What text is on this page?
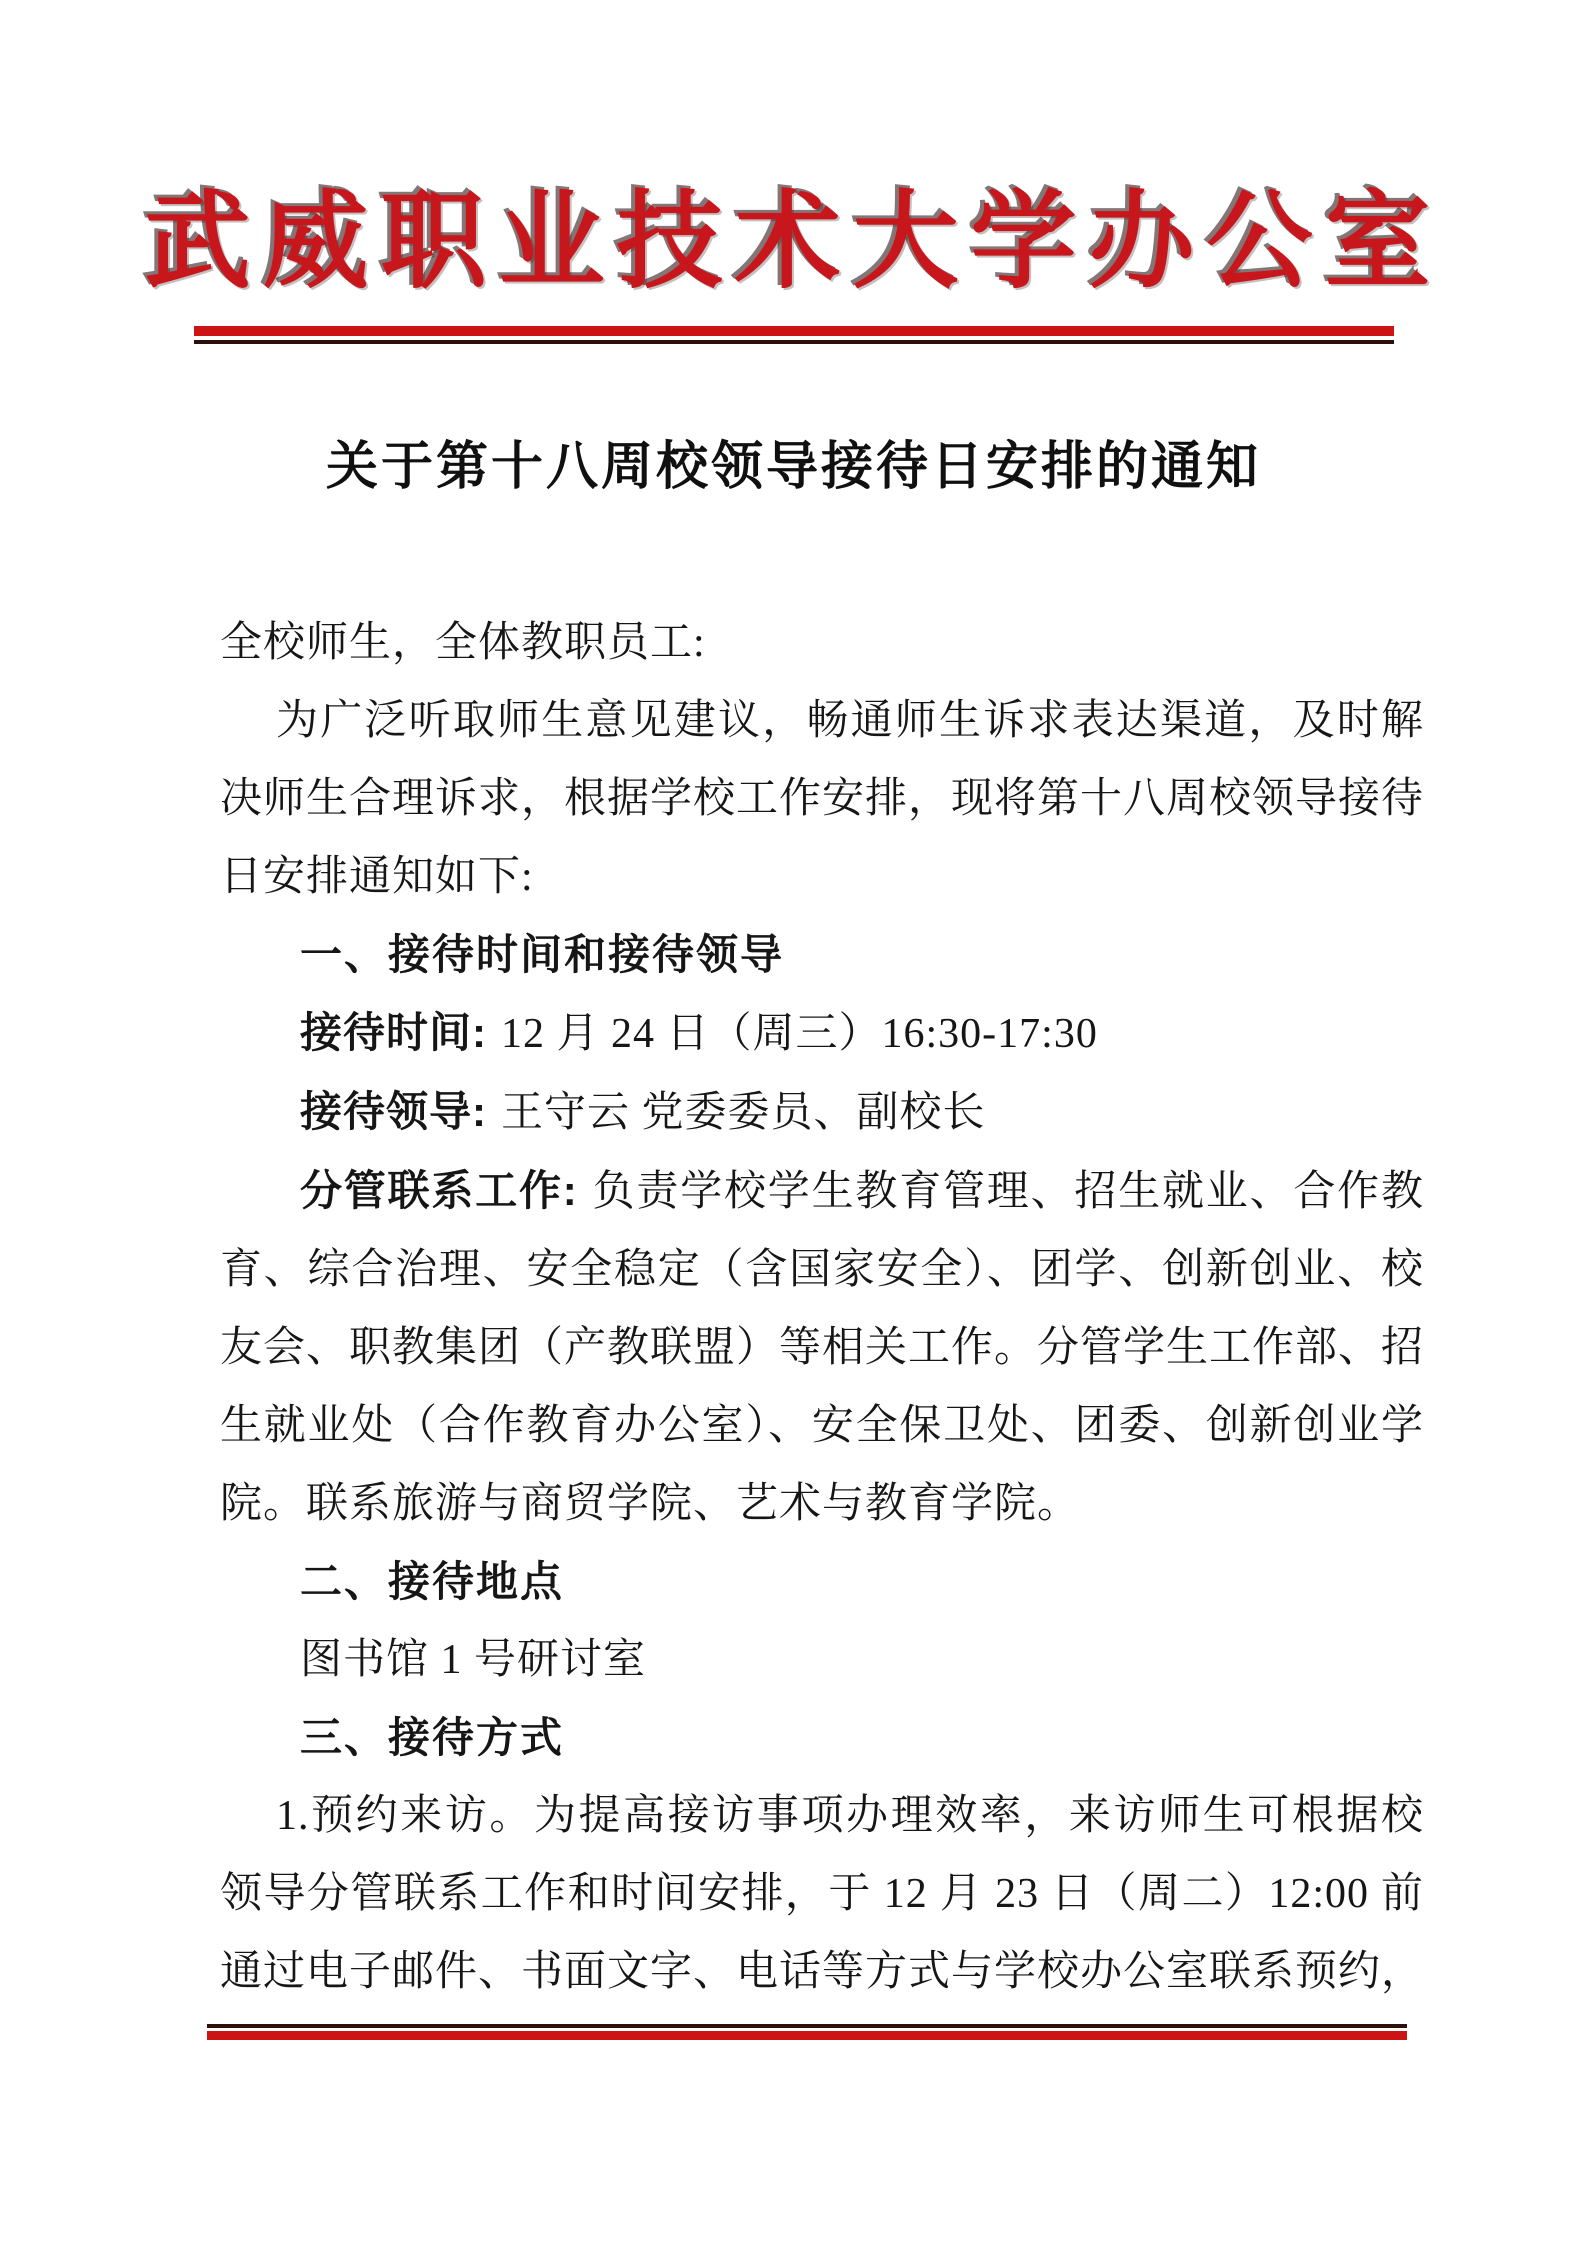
武威职业技术大学办公室
关于第十八周校领导接待日安排的通知

全校师生，全体教职员工:

为广泛听取师生意见建议，畅通师生诉求表达渠道，及时解决师生合理诉求，根据学校工作安排，现将第十八周校领导接待日安排通知如下:

一、接待时间和接待领导

接待时间: 12 月 24 日（周三）16:30-17:30

接待领导: 王守云 党委委员、副校长

分管联系工作: 负责学校学生教育管理、招生就业、合作教育、综合治理、安全稳定（含国家安全）、团学、创新创业、校友会、职教集团（产教联盟）等相关工作。分管学生工作部、招生就业处（合作教育办公室）、安全保卫处、团委、创新创业学院。联系旅游与商贸学院、艺术与教育学院。

二、接待地点

图书馆 1 号研讨室

三、接待方式

1.预约来访。为提高接访事项办理效率，来访师生可根据校领导分管联系工作和时间安排，于 12 月 23 日（周二）12:00 前通过电子邮件、书面文字、电话等方式与学校办公室联系预约，
